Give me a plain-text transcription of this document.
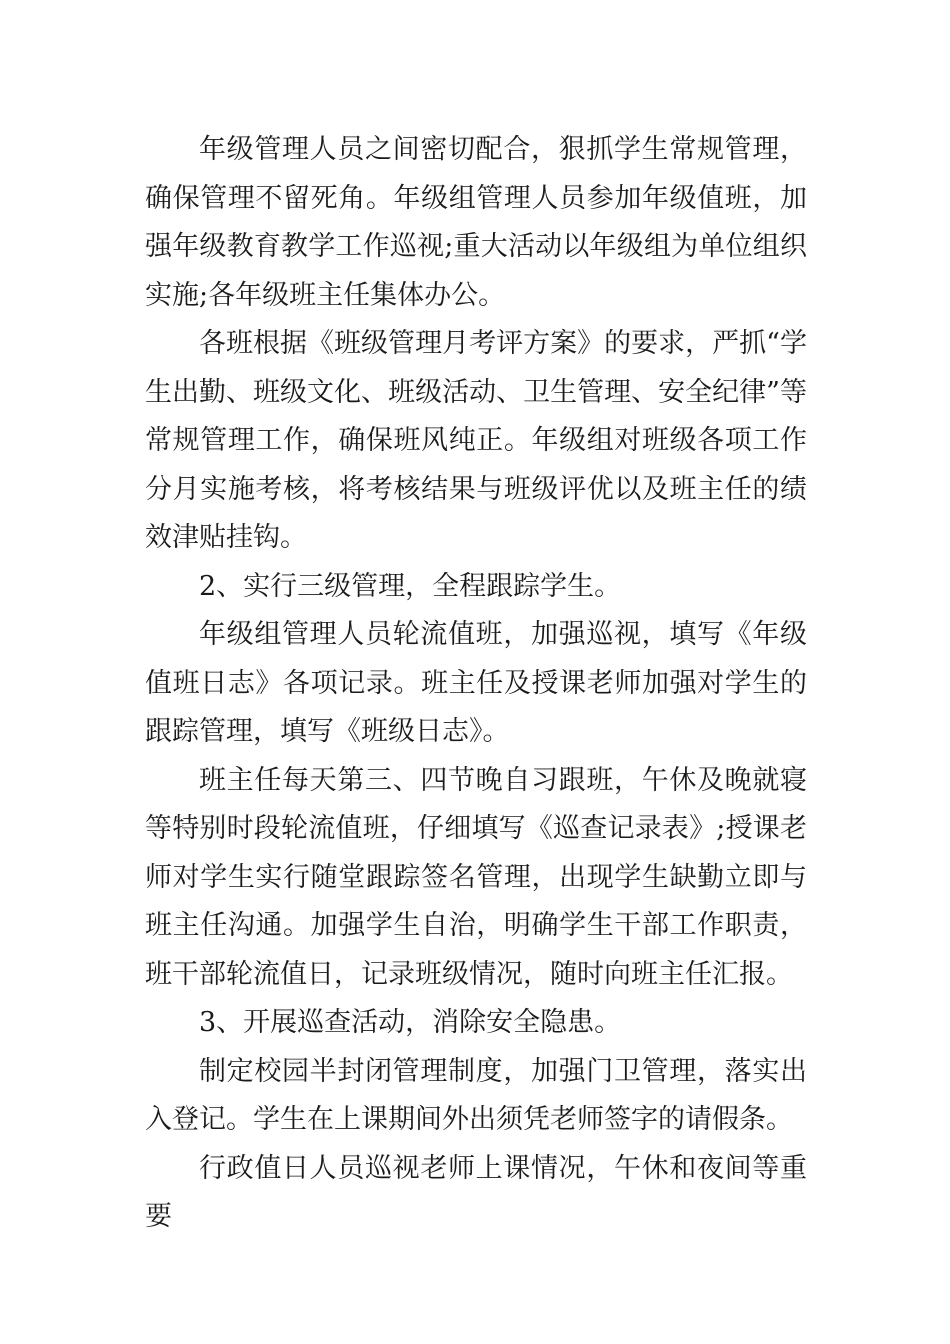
年级管理人员之间密切配合，狠抓学生常规管理，确保管理不留死角。年级组管理人员参加年级值班，加强年级教育教学工作巡视;重大活动以年级组为单位组织实施;各年级班主任集体办公。

各班根据《班级管理月考评方案》的要求，严抓“学生出勤、班级文化、班级活动、卫生管理、安全纪律”等常规管理工作，确保班风纯正。年级组对班级各项工作分月实施考核，将考核结果与班级评优以及班主任的绩效津贴挂钩。

2、实行三级管理，全程跟踪学生。

年级组管理人员轮流值班，加强巡视，填写《年级值班日志》各项记录。班主任及授课老师加强对学生的跟踪管理，填写《班级日志》。

班主任每天第三、四节晚自习跟班，午休及晚就寝等特别时段轮流值班，仔细填写《巡查记录表》;授课老师对学生实行随堂跟踪签名管理，出现学生缺勤立即与班主任沟通。加强学生自治，明确学生干部工作职责，班干部轮流值日，记录班级情况，随时向班主任汇报。

3、开展巡查活动，消除安全隐患。

制定校园半封闭管理制度，加强门卫管理，落实出入登记。学生在上课期间外出须凭老师签字的请假条。

行政值日人员巡视老师上课情况，午休和夜间等重要
